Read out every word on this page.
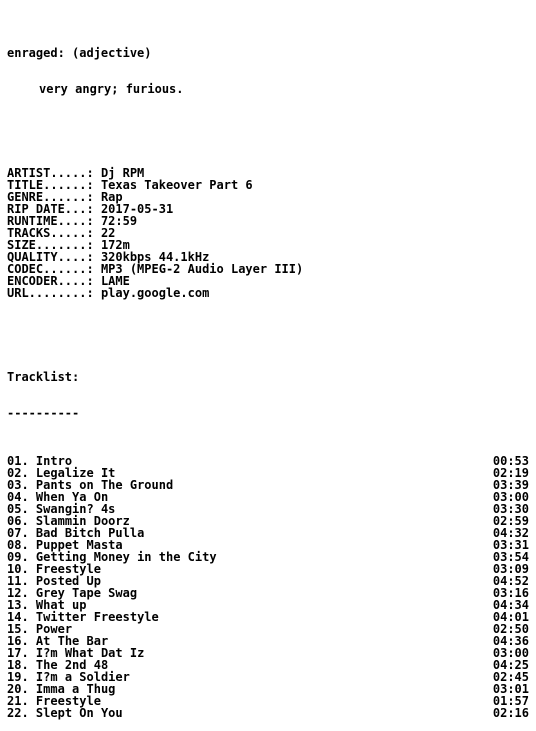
enraged: (adjective)

very angry; furious.

ARTIST.....: Dj RPM
TITLE......: Texas Takeover Part 6
GENRE......: Rap
RIP DATE...: 2017-05-31
RUNTIME....: 72:59
TRACKS.....: 22
SIZE.......: 172m
QUALITY....: 320kbps 44.1kHz
CODEC......: MP3 (MPEG-2 Audio Layer III)
ENCODER....: LAME
URL........: play.google.com

Tracklist:

----------

01. Intro	00:53
02. Legalize It	02:19
03. Pants on The Ground	03:39
04. When Ya On	03:00
05. Swangin? 4s	03:30
06. Slammin Doorz	02:59
07. Bad Bitch Pulla	04:32
08. Puppet Masta	03:31
09. Getting Money in the City	03:54
10. Freestyle	03:09
11. Posted Up	04:52
12. Grey Tape Swag	03:16
13. What up	04:34
14. Twitter Freestyle	04:01
15. Power	02:50
16. At The Bar	04:36
17. I?m What Dat Iz	03:00
18. The 2nd 48	04:25
19. I?m a Soldier	02:45
20. Imma a Thug	03:01
21. Freestyle	01:57
22. Slept On You	02:16
